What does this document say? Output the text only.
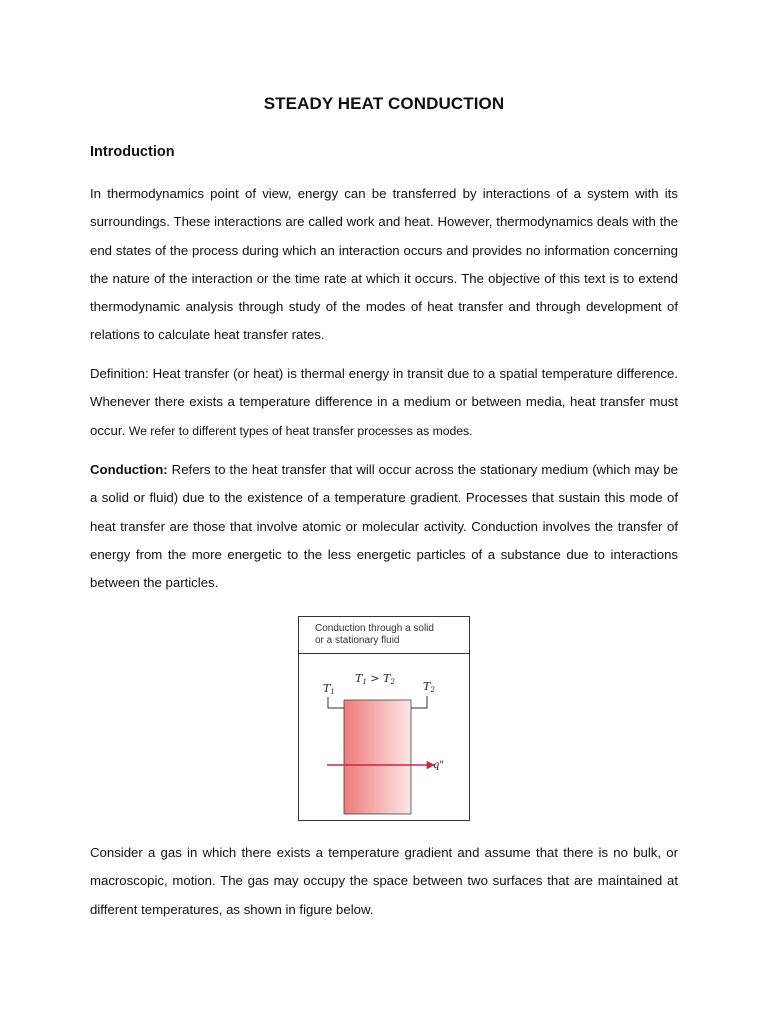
STEADY HEAT CONDUCTION
Introduction

In thermodynamics point of view, energy can be transferred by interactions of a system with its surroundings. These interactions are called work and heat. However, thermodynamics deals with the end states of the process during which an interaction occurs and provides no information concerning the nature of the interaction or the time rate at which it occurs. The objective of this text is to extend thermodynamic analysis through study of the modes of heat transfer and through development of relations to calculate heat transfer rates.

Definition: Heat transfer (or heat) is thermal energy in transit due to a spatial temperature difference. Whenever there exists a temperature difference in a medium or between media, heat transfer must occur. We refer to different types of heat transfer processes as modes.

Conduction: Refers to the heat transfer that will occur across the stationary medium (which may be a solid or fluid) due to the existence of a temperature gradient. Processes that sustain this mode of heat transfer are those that involve atomic or molecular activity. Conduction involves the transfer of energy from the more energetic to the less energetic particles of a substance due to interactions between the particles.

Conduction through a solid
or a stationary fluid
T1 > T2
T1	T2
q"

Consider a gas in which there exists a temperature gradient and assume that there is no bulk, or macroscopic, motion. The gas may occupy the space between two surfaces that are maintained at different temperatures, as shown in figure below.
